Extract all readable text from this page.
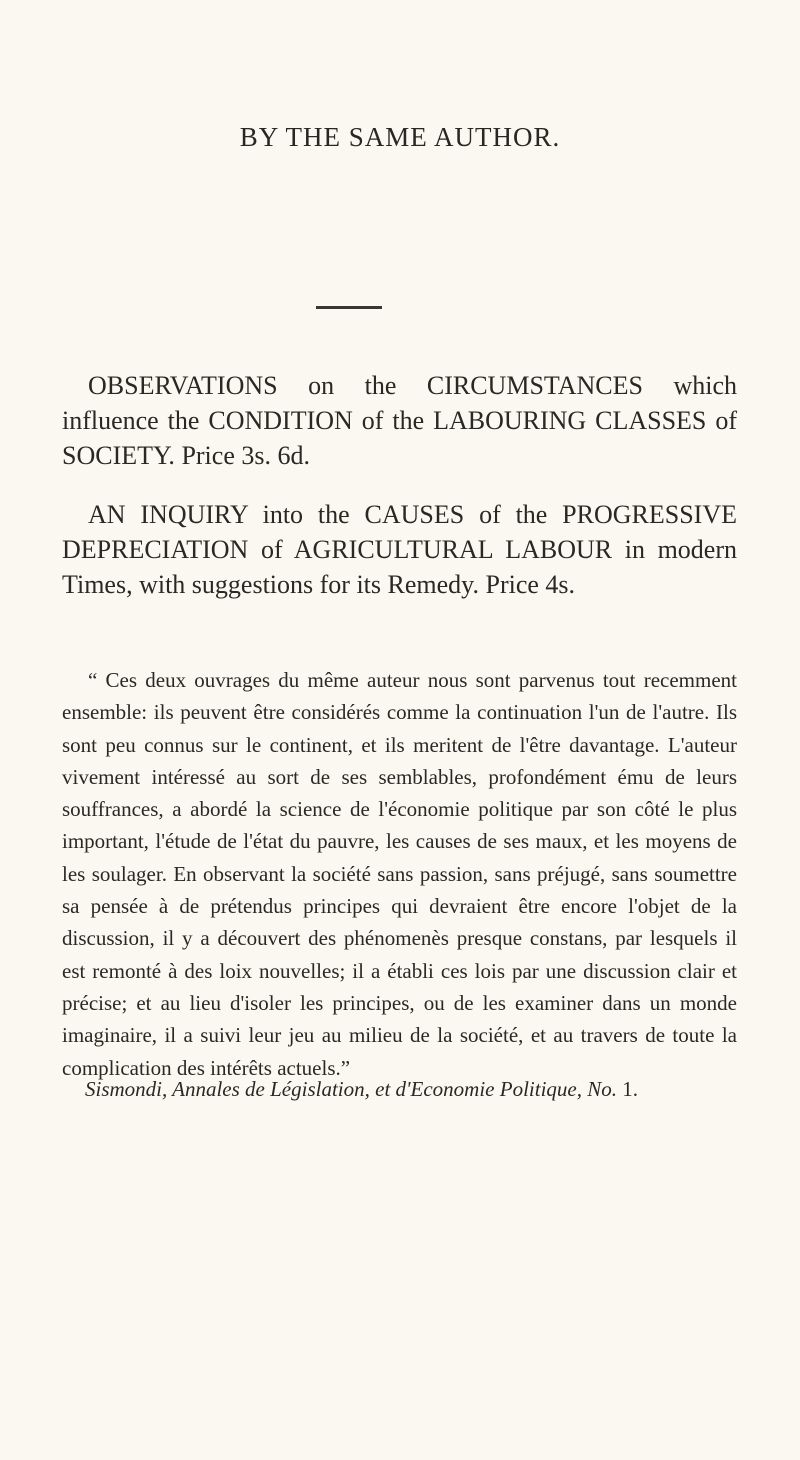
BY THE SAME AUTHOR.

OBSERVATIONS on the CIRCUMSTANCES which influence the CONDITION of the LABOURING CLASSES of SOCIETY. Price 3s. 6d.

AN INQUIRY into the CAUSES of the PROGRESSIVE DEPRECIATION of AGRICULTURAL LABOUR in modern Times, with suggestions for its Remedy. Price 4s.

“ Ces deux ouvrages du même auteur nous sont parvenus tout recemment ensemble: ils peuvent être considérés comme la continuation l'un de l'autre. Ils sont peu connus sur le continent, et ils meritent de l'être davantage. L'auteur vivement intéressé au sort de ses semblables, profondément ému de leurs souffrances, a abordé la science de l'économie politique par son côté le plus important, l'étude de l'état du pauvre, les causes de ses maux, et les moyens de les soulager. En observant la société sans passion, sans préjugé, sans soumettre sa pensée à de prétendus principes qui devraient être encore l'objet de la discussion, il y a découvert des phénomenès presque constans, par lesquels il est remonté à des loix nouvelles; il a établi ces lois par une discussion clair et précise; et au lieu d'isoler les principes, ou de les examiner dans un monde imaginaire, il a suivi leur jeu au milieu de la société, et au travers de toute la complication des intérêts actuels.”

Sismondi, Annales de Législation, et d'Economie Politique, No. 1.
